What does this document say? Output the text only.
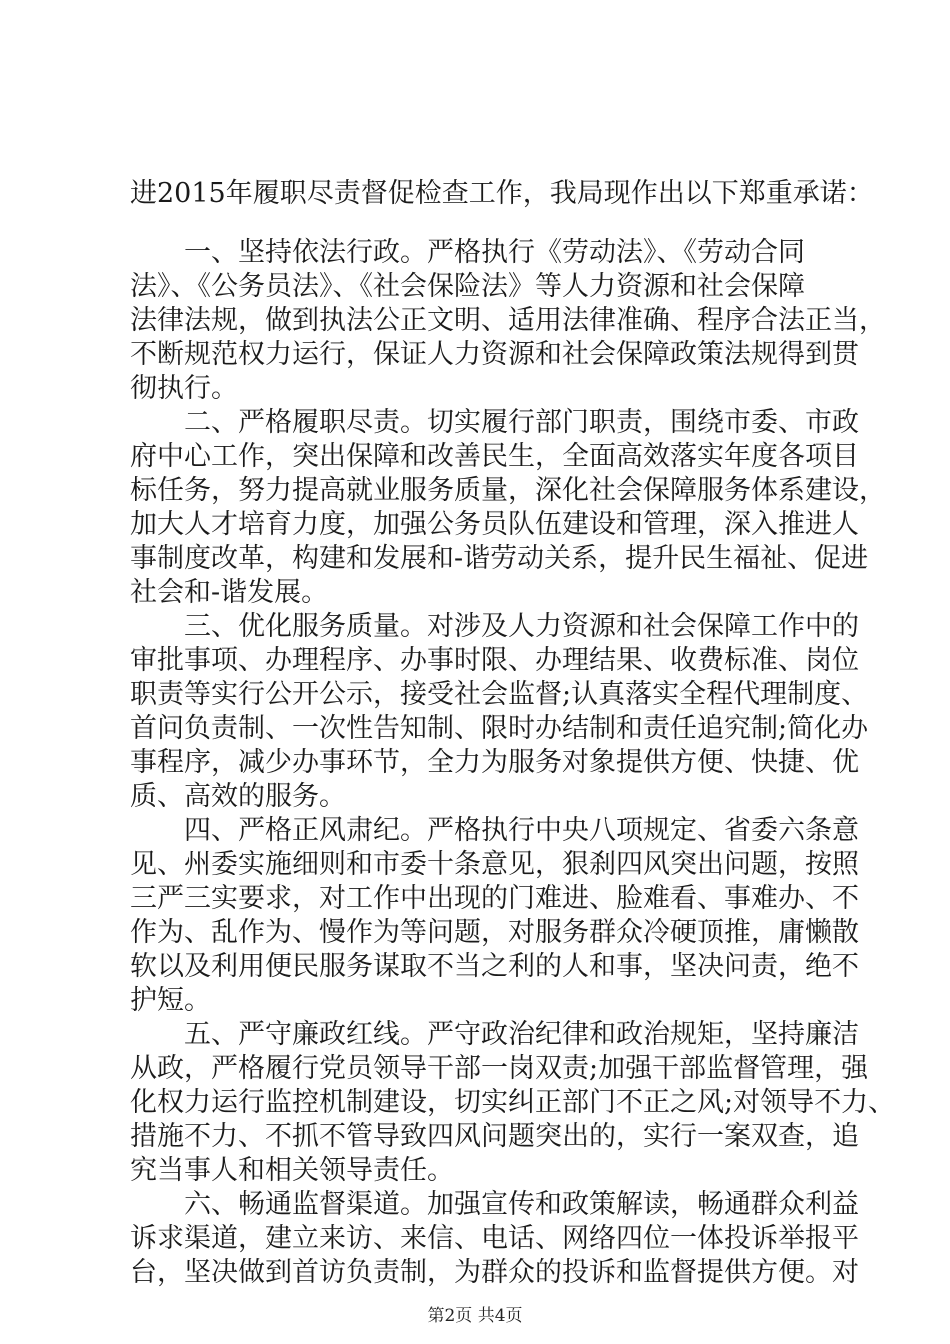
进2015年履职尽责督促检查工作，我局现作出以下郑重承诺：
　　一、坚持依法行政。严格执行《劳动法》、《劳动合同
法》、《公务员法》、《社会保险法》等人力资源和社会保障
法律法规，做到执法公正文明、适用法律准确、程序合法正当，
不断规范权力运行，保证人力资源和社会保障政策法规得到贯
彻执行。
　　二、严格履职尽责。切实履行部门职责，围绕市委、市政
府中心工作，突出保障和改善民生，全面高效落实年度各项目
标任务，努力提高就业服务质量，深化社会保障服务体系建设，
加大人才培育力度，加强公务员队伍建设和管理，深入推进人
事制度改革，构建和发展和-谐劳动关系，提升民生福祉、促进
社会和-谐发展。
　　三、优化服务质量。对涉及人力资源和社会保障工作中的
审批事项、办理程序、办事时限、办理结果、收费标准、岗位
职责等实行公开公示，接受社会监督;认真落实全程代理制度、
首问负责制、一次性告知制、限时办结制和责任追究制;简化办
事程序，减少办事环节，全力为服务对象提供方便、快捷、优
质、高效的服务。
　　四、严格正风肃纪。严格执行中央八项规定、省委六条意
见、州委实施细则和市委十条意见，狠刹四风突出问题，按照
三严三实要求，对工作中出现的门难进、脸难看、事难办、不
作为、乱作为、慢作为等问题，对服务群众冷硬顶推，庸懒散
软以及利用便民服务谋取不当之利的人和事，坚决问责，绝不
护短。
　　五、严守廉政红线。严守政治纪律和政治规矩，坚持廉洁
从政，严格履行党员领导干部一岗双责;加强干部监督管理，强
化权力运行监控机制建设，切实纠正部门不正之风;对领导不力、
措施不力、不抓不管导致四风问题突出的，实行一案双查，追
究当事人和相关领导责任。
　　六、畅通监督渠道。加强宣传和政策解读，畅通群众利益
诉求渠道，建立来访、来信、电话、网络四位一体投诉举报平
台，坚决做到首访负责制，为群众的投诉和监督提供方便。对
第2页 共4页
